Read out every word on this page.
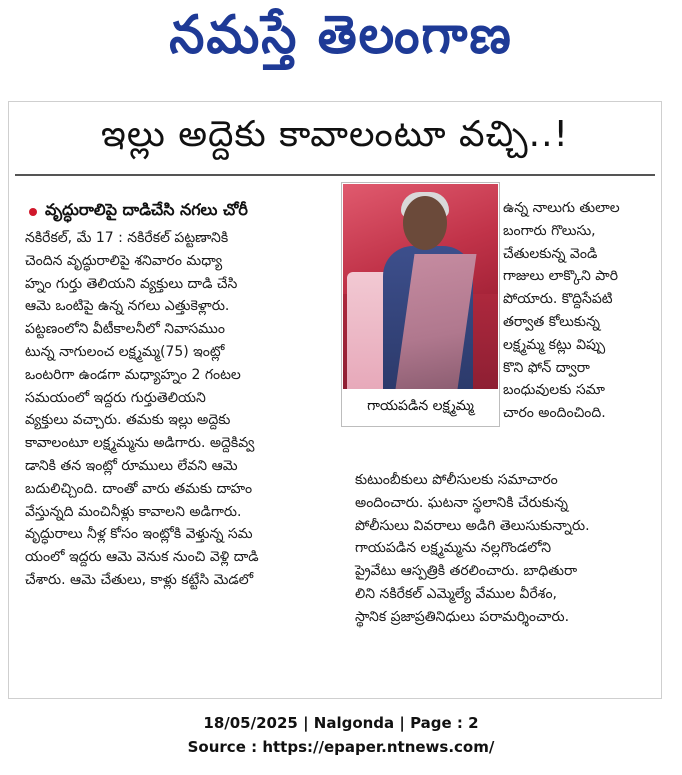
నమస్తే తెలంగాణ
ఇల్లు అద్దెకు కావాలంటూ వచ్చి..!
వృద్ధురాలిపై దాడిచేసి నగలు చోరీ

నకిరేకల్, మే 17 : నకిరేకల్ పట్టణానికి

చెందిన వృద్ధురాలిపై శనివారం మధ్యా

హ్నం గుర్తు తెలియని వ్యక్తులు దాడి చేసి

ఆమె ఒంటిపై ఉన్న నగలు ఎత్తుకెళ్లారు.

పట్టణంలోని వీటీకాలనీలో నివాసముం

టున్న నాగులంచ లక్ష్మమ్మ(75) ఇంట్లో

ఒంటరిగా ఉండగా మధ్యాహ్నం 2 గంటల

సమయంలో ఇద్దరు గుర్తుతెలియని

వ్యక్తులు వచ్చారు. తమకు ఇల్లు అద్దెకు

కావాలంటూ లక్ష్మమ్మను అడిగారు. అద్దెకివ్వ

డానికి తన ఇంట్లో రూములు లేవని ఆమె

బదులిచ్చింది. దాంతో వారు తమకు దాహం

వేస్తున్నది మంచినీళ్లు కావాలని అడిగారు.

వృద్ధురాలు నీళ్ల కోసం ఇంట్లోకి వెళ్తున్న సమ

యంలో ఇద్దరు ఆమె వెనుక నుంచి వెళ్లి దాడి

చేశారు. ఆమె చేతులు, కాళ్లు కట్టేసి మెడలో

గాయపడిన లక్ష్మమ్మ

ఉన్న నాలుగు తులాల

బంగారు గొలుసు,

చేతులకున్న వెండి

గాజులు లాక్కొని పారి

పోయారు. కొద్దిసేపటి

తర్వాత కోలుకున్న

లక్ష్మమ్మ కట్లు విప్పు

కొని ఫోన్ ద్వారా

బంధువులకు సమా

చారం అందించింది.

కుటుంబీకులు పోలీసులకు సమాచారం

అందించారు. ఘటనా స్థలానికి చేరుకున్న

పోలీసులు వివరాలు అడిగి తెలుసుకున్నారు.

గాయపడిన లక్ష్మమ్మను నల్లగొండలోని

ప్రైవేటు ఆస్పత్రికి తరలించారు. బాధితురా

లిని నకిరేకల్ ఎమ్మెల్యే వేముల వీరేశం,

స్థానిక ప్రజాప్రతినిధులు పరామర్శించారు.

18/05/2025 | Nalgonda | Page : 2
Source : https://epaper.ntnews.com/
